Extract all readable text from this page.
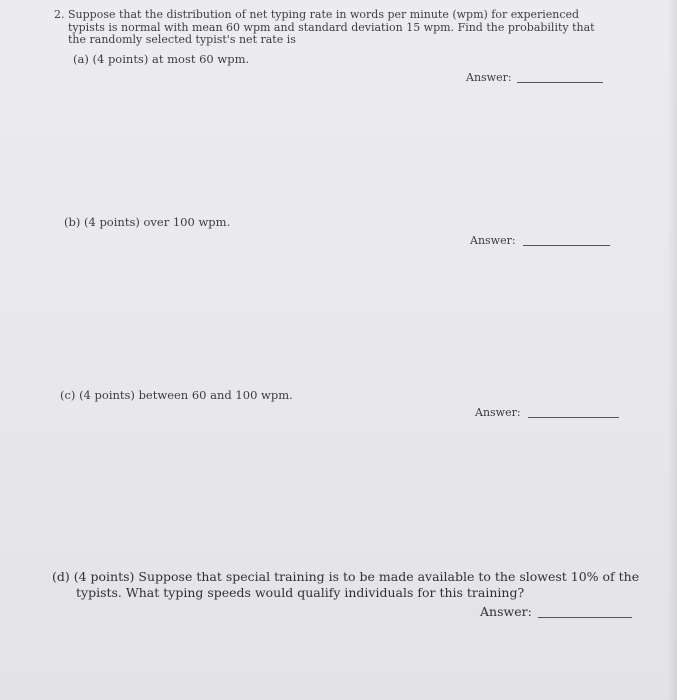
2. Suppose that the distribution of net typing rate in words per minute (wpm) for experienced typists is normal with mean 60 wpm and standard deviation 15 wpm. Find the probability that the randomly selected typist's net rate is
(a) (4 points) at most 60 wpm.
Answer:
(b) (4 points) over 100 wpm.
Answer:
(c) (4 points) between 60 and 100 wpm.
Answer:
(d) (4 points) Suppose that special training is to be made available to the slowest 10% of the
typists. What typing speeds would qualify individuals for this training?
Answer:
